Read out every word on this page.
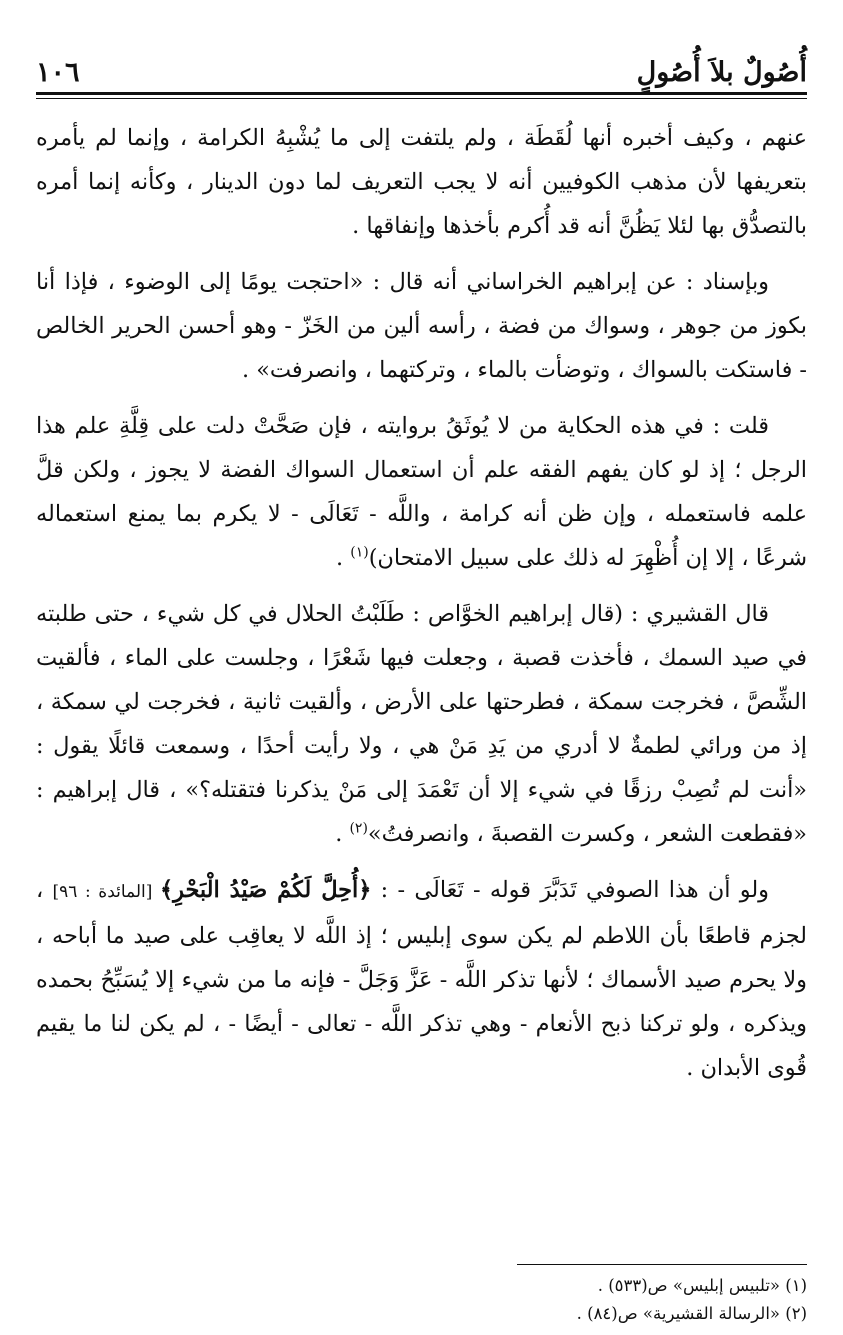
أُصُولٌ بلاَ أُصُولٍ
١٠٦

عنهم ، وكيف أخبره أنها لُقَطَة ، ولم يلتفت إلى ما يُشْبِهُ الكرامة ، وإنما لم يأمره بتعريفها لأن مذهب الكوفيين أنه لا يجب التعريف لما دون الدينار ، وكأنه إنما أمره بالتصدُّق بها لئلا يَظُنَّ أنه قد أُكرم بأخذها وإنفاقها .

وبإسناد : عن إبراهيم الخراساني أنه قال : «احتجت يومًا إلى الوضوء ، فإذا أنا بكوز من جوهر ، وسواك من فضة ، رأسه ألين من الخَزّ - وهو أحسن الحرير الخالص - فاستكت بالسواك ، وتوضأت بالماء ، وتركتهما ، وانصرفت» .

قلت : في هذه الحكاية من لا يُوثَقُ بروايته ، فإن صَحَّتْ دلت على قِلَّةِ علم هذا الرجل ؛ إذ لو كان يفهم الفقه علم أن استعمال السواك الفضة لا يجوز ، ولكن قلَّ علمه فاستعمله ، وإن ظن أنه كرامة ، واللَّه - تَعَالَى - لا يكرم بما يمنع استعماله شرعًا ، إلا إن أُظْهِرَ له ذلك على سبيل الامتحان)$^{(١)}$ .

قال القشيري : (قال إبراهيم الخوَّاص : طَلَبْتُ الحلال في كل شيء ، حتى طلبته في صيد السمك ، فأخذت قصبة ، وجعلت فيها شَعْرًا ، وجلست على الماء ، فألقيت الشِّصَّ ، فخرجت سمكة ، فطرحتها على الأرض ، وألقيت ثانية ، فخرجت لي سمكة ، إذ من ورائي لطمةٌ لا أدري من يَدِ مَنْ هي ، ولا رأيت أحدًا ، وسمعت قائلًا يقول : «أنت لم تُصِبْ رزقًا في شيء إلا أن تَعْمَدَ إلى مَنْ يذكرنا فتقتله؟» ، قال إبراهيم : «فقطعت الشعر ، وكسرت القصبةَ ، وانصرفتُ»$^{(٢)}$ .

ولو أن هذا الصوفي تَدَبَّرَ قوله - تَعَالَى - : ﴿أُحِلَّ لَكُمْ صَيْدُ الْبَحْرِ﴾ [المائدة : ٩٦] ، لجزم قاطعًا بأن اللاطم لم يكن سوى إبليس ؛ إذ اللَّه لا يعاقِب على صيد ما أباحه ، ولا يحرم صيد الأسماك ؛ لأنها تذكر اللَّه - عَزَّ وَجَلَّ - فإنه ما من شيء إلا يُسَبِّحُ بحمده ويذكره ، ولو تركنا ذبح الأنعام - وهي تذكر اللَّه - تعالى - أيضًا - ، لم يكن لنا ما يقيم قُوى الأبدان .

(١) «تلبيس إبليس» ص(٥٣٣) .
(٢) «الرسالة القشيرية» ص(٨٤) .
